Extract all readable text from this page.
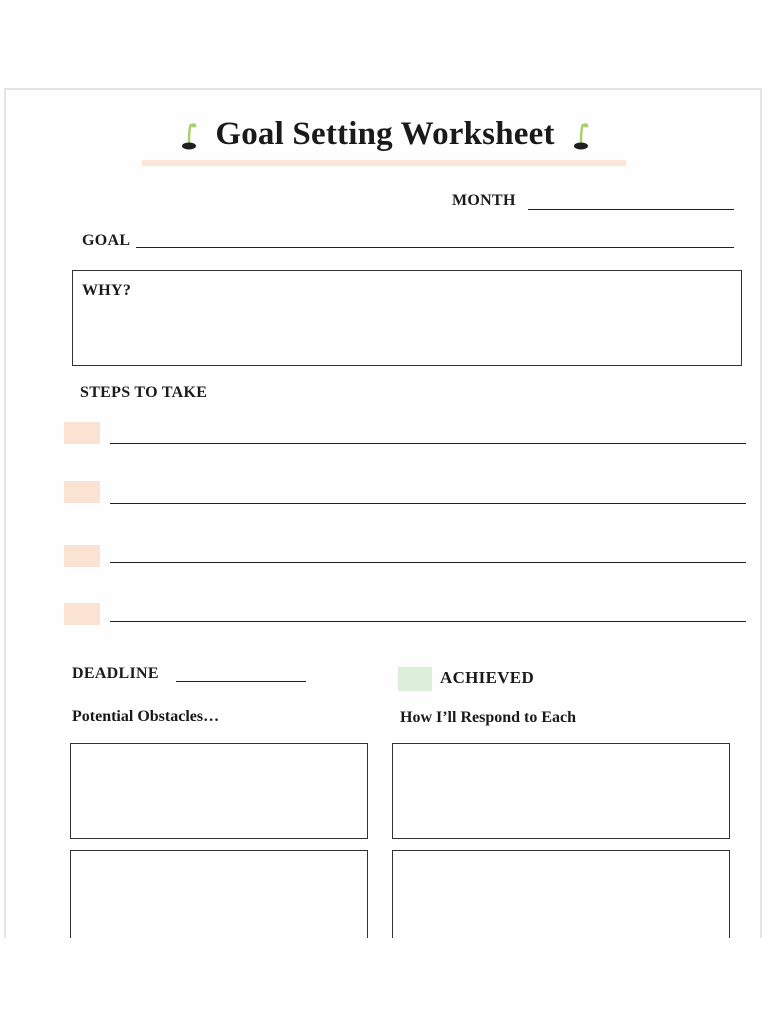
Goal Setting Worksheet
MONTH
GOAL
WHY?
STEPS TO TAKE
DEADLINE	ACHIEVED
Potential Obstacles…	How I’ll Respond to Each
